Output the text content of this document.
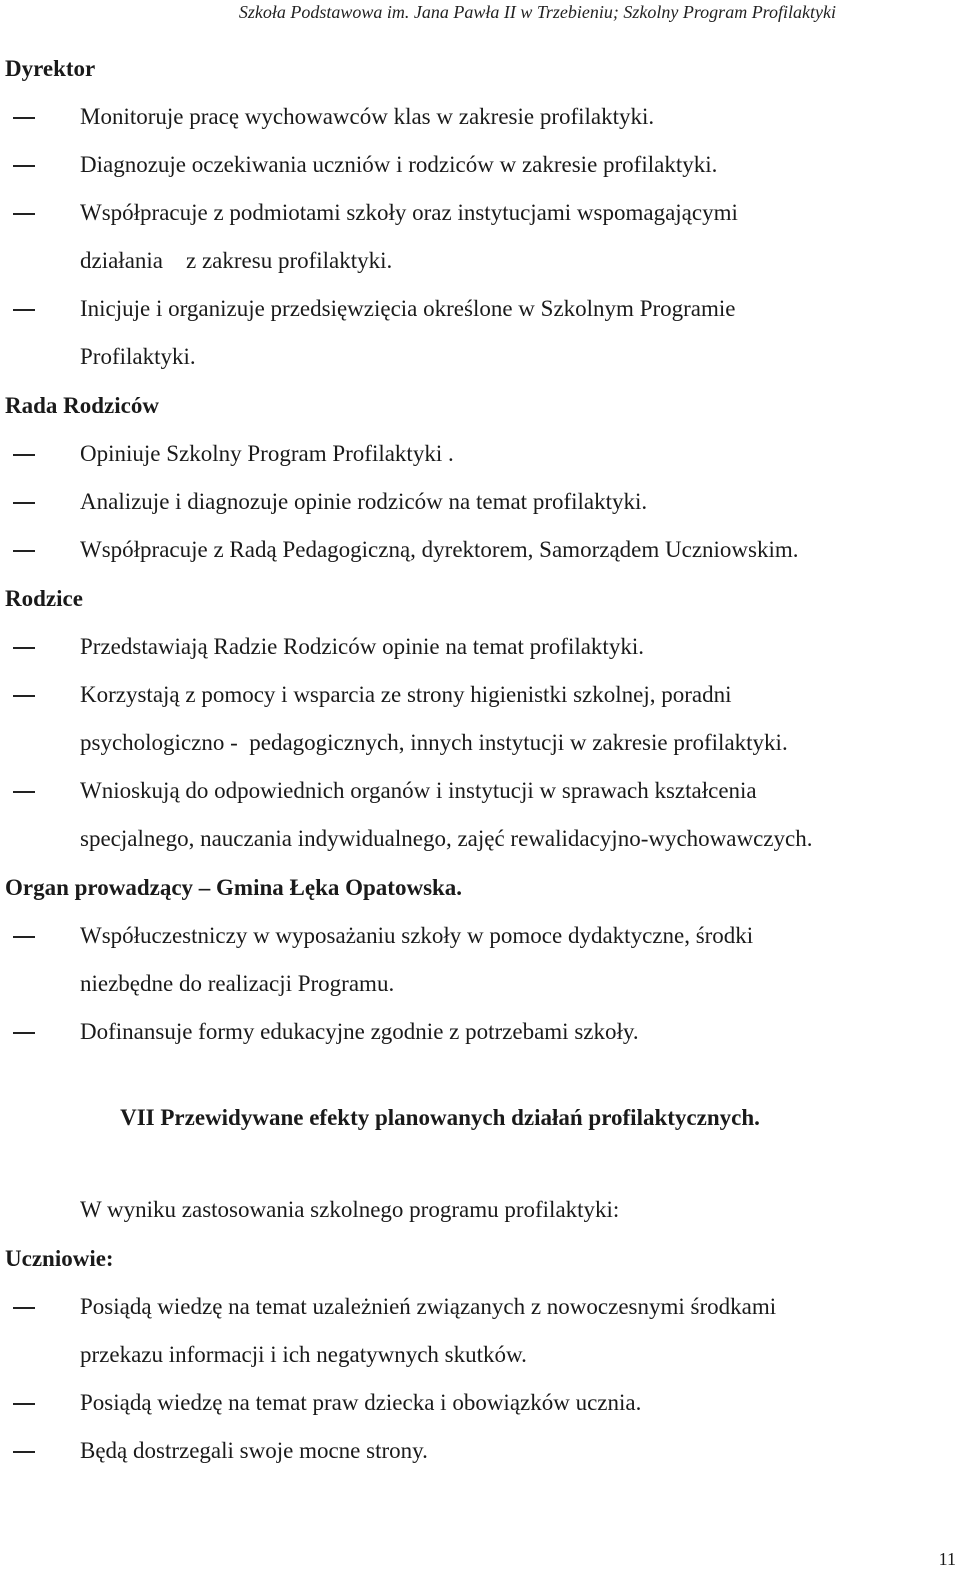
Szkoła Podstawowa im. Jana Pawła II w Trzebieniu; Szkolny Program Profilaktyki
Dyrektor
Monitoruje pracę wychowawców klas w zakresie profilaktyki.
Diagnozuje oczekiwania uczniów i rodziców w zakresie profilaktyki.
Współpracuje z podmiotami szkoły oraz instytucjami wspomagającymi
działania    z zakresu profilaktyki.
Inicjuje i organizuje przedsięwzięcia określone w Szkolnym Programie
Profilaktyki.
Rada Rodziców
Opiniuje Szkolny Program Profilaktyki .
Analizuje i diagnozuje opinie rodziców na temat profilaktyki.
Współpracuje z Radą Pedagogiczną, dyrektorem, Samorządem Uczniowskim.
Rodzice
Przedstawiają Radzie Rodziców opinie na temat profilaktyki.
Korzystają z pomocy i wsparcia ze strony higienistki szkolnej, poradni
psychologiczno -  pedagogicznych, innych instytucji w zakresie profilaktyki.
Wnioskują do odpowiednich organów i instytucji w sprawach kształcenia
specjalnego, nauczania indywidualnego, zajęć rewalidacyjno-wychowawczych.
Organ prowadzący – Gmina Łęka Opatowska.
Współuczestniczy w wyposażaniu szkoły w pomoce dydaktyczne, środki
niezbędne do realizacji Programu.
Dofinansuje formy edukacyjne zgodnie z potrzebami szkoły.
VII Przewidywane efekty planowanych działań profilaktycznych.
W wyniku zastosowania szkolnego programu profilaktyki:
Uczniowie:
Posiądą wiedzę na temat uzależnień związanych z nowoczesnymi środkami
przekazu informacji i ich negatywnych skutków.
Posiądą wiedzę na temat praw dziecka i obowiązków ucznia.
Będą dostrzegali swoje mocne strony.
11
